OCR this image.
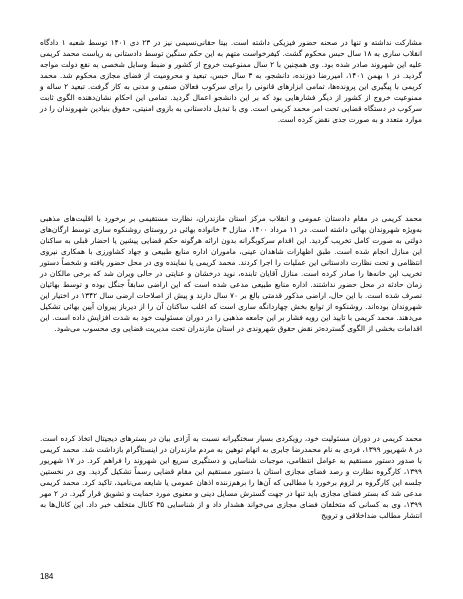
مشارکت نداشته و تنها در صحنه حضور فیزیکی داشته است. بیتا حقانی‌نسیمی نیز در ۲۳ دی ۱۴۰۱ توسط شعبه ۱ دادگاه انقلاب ساری به ۱۸ سال حبس محکوم گشت. کیفرخواست متهم به این حکم سنگین توسط دادستانی به ریاست محمد کریمی علیه این شهروند صادر شده بود. وی همچنین با ۲ سال ممنوعیت خروج از کشور و ضبط وسایل شخصی به نفع دولت مواجه گردید. در ۱ بهمن ۱۴۰۱، امیررضا دوزنده، دانشجو، به ۳ سال حبس، تبعید و محرومیت از فضای مجازی محکوم شد. محمد کریمی با پیگیری این پرونده‌ها، تمامی ابزارهای قانونی را برای سرکوب فعالان صنفی و مدنی به کار گرفت. تبعید ۲ ساله و ممنوعیت خروج از کشور از دیگر فشارهایی بود که بر این دانشجو اعمال گردید. تمامی این احکام نشان‌دهنده الگوی ثابت سرکوب در دستگاه قضایی تحت امر محمد کریمی است. وی با تبدیل دادستانی به بازوی امنیتی، حقوق بنیادین شهروندان را در موارد متعدد و به صورت جدی نقض کرده است.

محمد کریمی در مقام دادستان عمومی و انقلاب مرکز استان مازندران، نظارت مستقیمی بر برخورد با اقلیت‌های مذهبی به‌ویژه شهروندان بهائی داشته است. در ۱۱ مرداد ۱۴۰۰، منازل ۳ خانواده بهائی در روستای روشنکوه ساری توسط ارگان‌های دولتی به صورت کامل تخریب گردید. این اقدام سرکوبگرانه بدون ارائه هرگونه حکم قضایی پیشین یا احضار قبلی به ساکنان این منازل انجام شده است. طبق اظهارات شاهدان عینی، ماموران اداره منابع طبیعی و جهاد کشاورزی با همکاری نیروی انتظامی و تحت نظارت دادستانی این عملیات را اجرا کردند. محمد کریمی یا نماینده وی در محل حضور یافته و شخصاً دستور تخریب این خانه‌ها را صادر کرده است. منازل آقایان تابنده، نوید درخشان و عنایتی در حالی ویران شد که برخی مالکان در زمان حادثه در محل حضور نداشتند. اداره منابع طبیعی مدعی شده است که این اراضی سابقاً جنگل بوده و توسط بهائیان تصرف شده است. با این حال، اراضی مذکور قدمتی بالغ بر ۷۰ سال دارند و پیش از اصلاحات ارضی سال ۱۳۴۲ در اختیار این شهروندان بوده‌اند. روشنکوه از توابع بخش چهاردانگه ساری است که اغلب ساکنان آن را از دیرباز پیروان آیین بهائی تشکیل می‌دهند. محمد کریمی با تایید این رویه فشار بر این جامعه مذهبی را در دوران مسئولیت خود به شدت افزایش داده است. این اقدامات بخشی از الگوی گسترده‌تر نقض حقوق شهروندی در استان مازندران تحت مدیریت قضایی وی محسوب می‌شود.

محمد کریمی در دوران مسئولیت خود، رویکردی بسیار سختگیرانه نسبت به آزادی بیان در بسترهای دیجیتال اتخاذ کرده است. در ۸ شهریور ۱۳۹۹، فردی به نام محمدرضا جابری به اتهام توهین به مردم مازندران در اینستاگرام بازداشت شد. محمد کریمی با صدور دستور مستقیم به عوامل انتظامی، موجبات شناسایی و دستگیری سریع این شهروند را فراهم کرد. در ۱۷ شهریور ۱۳۹۹، کارگروه نظارت و رصد فضای مجازی استان با دستور مستقیم این مقام قضایی رسماً تشکیل گردید. وی در نخستین جلسه این کارگروه بر لزوم برخورد با مطالبی که آن‌ها را برهم‌زننده اذهان عمومی یا شایعه می‌نامید، تاکید کرد. محمد کریمی مدعی شد که بستر فضای مجازی باید تنها در جهت گسترش مسایل دینی و معنوی مورد حمایت و تشویق قرار گیرد. در ۲ مهر ۱۳۹۹، وی به کسانی که متخلفان فضای مجازی می‌خواند هشدار داد و از شناسایی ۳۵ کانال متخلف خبر داد. این کانال‌ها به انتشار مطالب ضداخلاقی و ترویج

184
